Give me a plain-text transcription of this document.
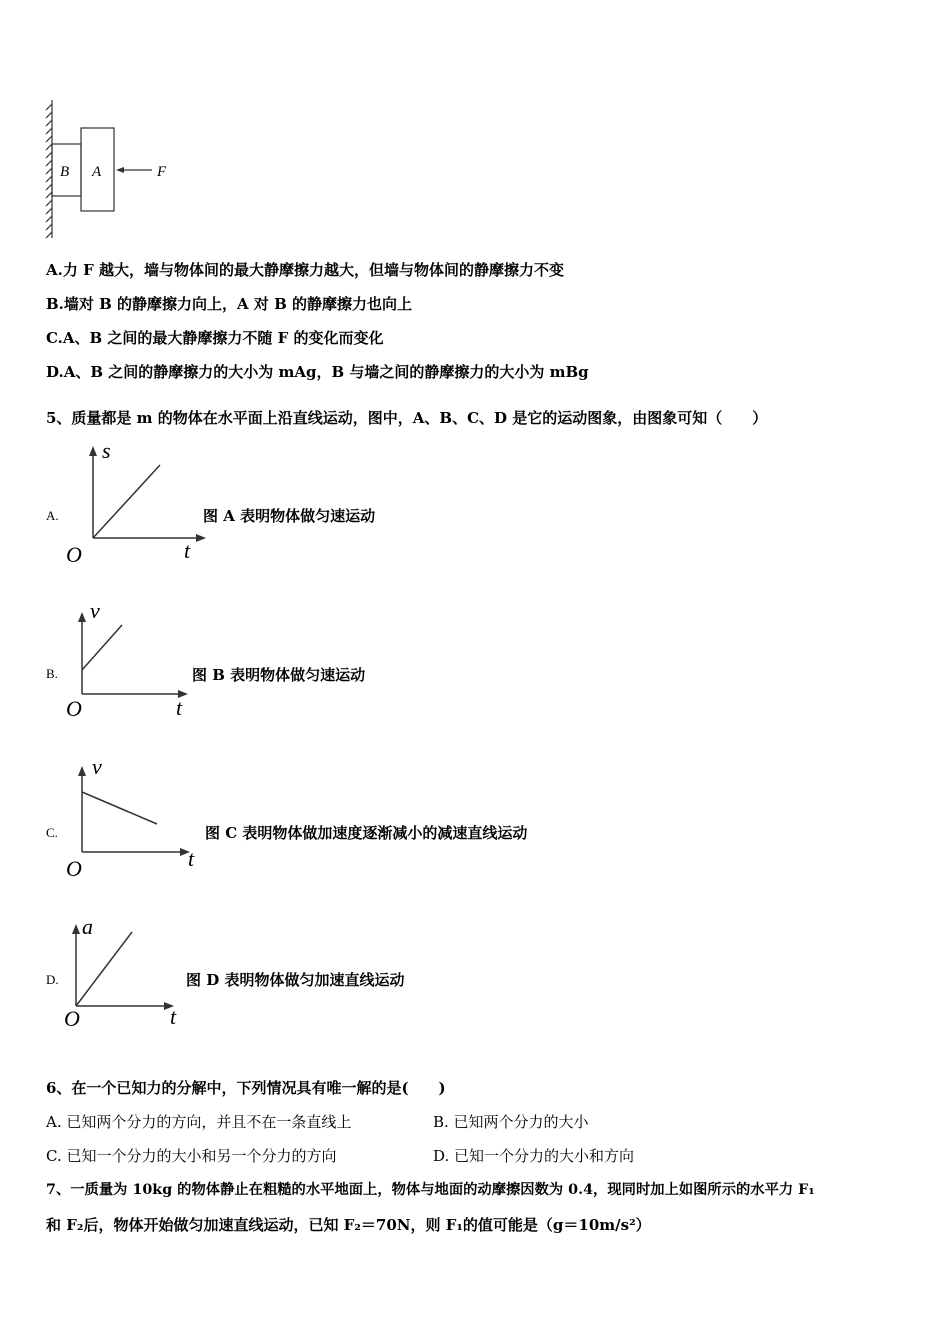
B A	F
A.力 F 越大，墙与物体间的最大静摩擦力越大，但墙与物体间的静摩擦力不变
B.墙对 B 的静摩擦力向上，A 对 B 的静摩擦力也向上
C.A、B 之间的最大静摩擦力不随 F 的变化而变化
D.A、B 之间的静摩擦力的大小为 mAg，B 与墙之间的静摩擦力的大小为 mBg
5、质量都是 m 的物体在水平面上沿直线运动，图中，A、B、C、D 是它的运动图象，由图象可知（　　）
A.
s
t
O
图 A 表明物体做匀速运动
B.
v
t
O
图 B 表明物体做匀速运动
C.
v
t
O
图 C 表明物体做加速度逐渐减小的减速直线运动
D.
a
t
O
图 D 表明物体做匀加速直线运动
6、在一个已知力的分解中，下列情况具有唯一解的是(　　)
A. 已知两个分力的方向，并且不在一条直线上	B. 已知两个分力的大小
C. 已知一个分力的大小和另一个分力的方向	D. 已知一个分力的大小和方向
7、一质量为 10kg 的物体静止在粗糙的水平地面上，物体与地面的动摩擦因数为 0.4，现同时加上如图所示的水平力 F₁
和 F₂后，物体开始做匀加速直线运动，已知 F₂＝70N，则 F₁的值可能是（g＝10m/s²）
